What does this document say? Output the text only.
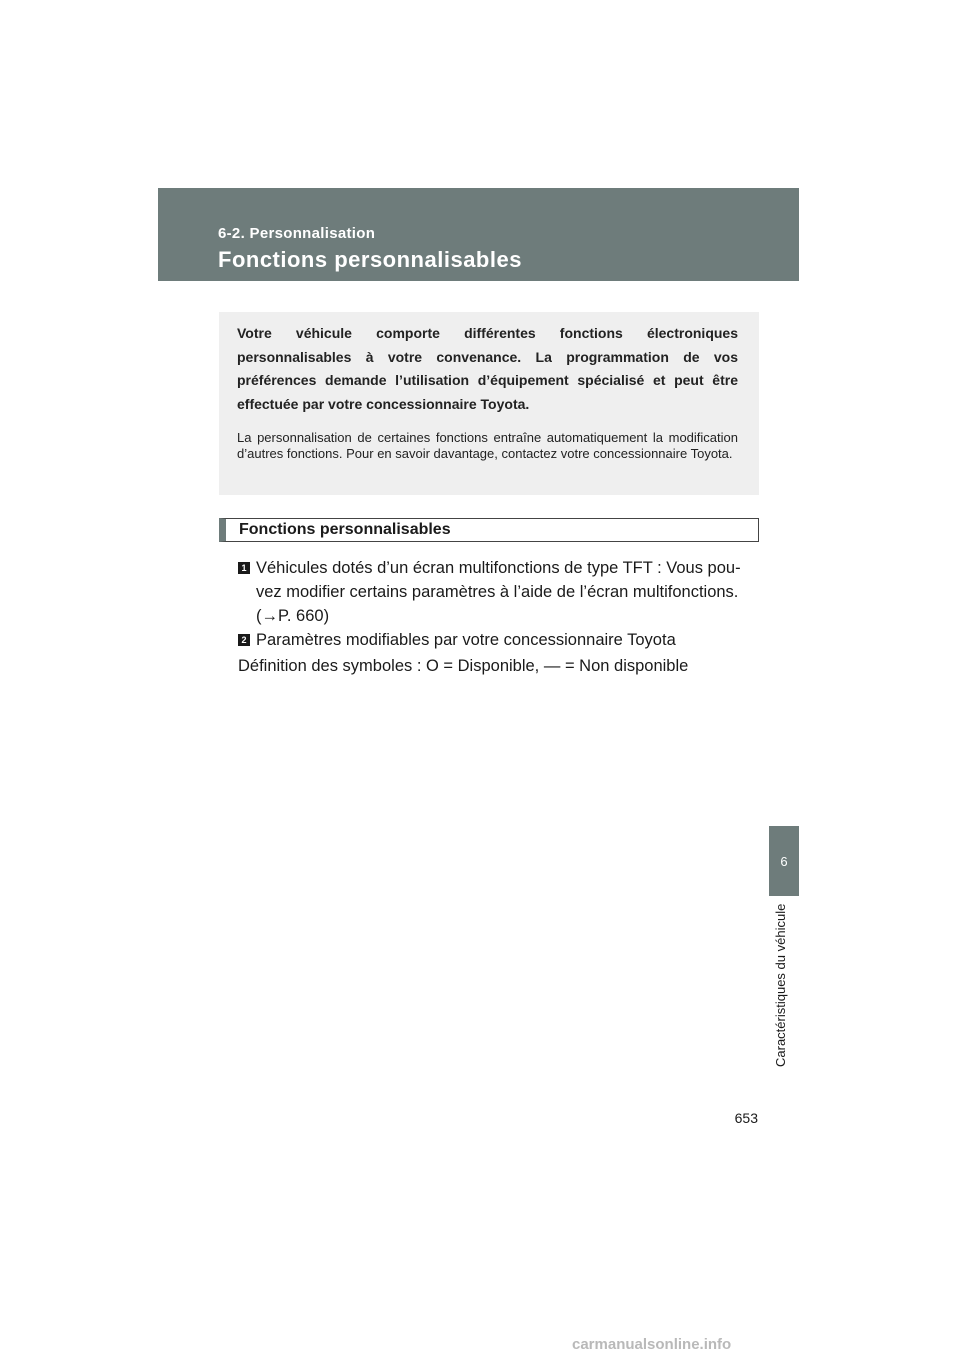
6-2. Personnalisation
Fonctions personnalisables

Votre véhicule comporte différentes fonctions électroniques personnalisables à votre convenance. La programmation de vos préférences demande l’utilisation d’équipement spécialisé et peut être effectuée par votre concessionnaire Toyota.

La personnalisation de certaines fonctions entraîne automatiquement la modification d’autres fonctions. Pour en savoir davantage, contactez votre concessionnaire Toyota.

Fonctions personnalisables
1 Véhicules dotés d’un écran multifonctions de type TFT : Vous pou-vez modifier certains paramètres à l’aide de l’écran multifonctions. (→P. 660)
2 Paramètres modifiables par votre concessionnaire Toyota
Définition des symboles : O = Disponible, — = Non disponible
6
Caractéristiques du véhicule
653
carmanualsonline.info
